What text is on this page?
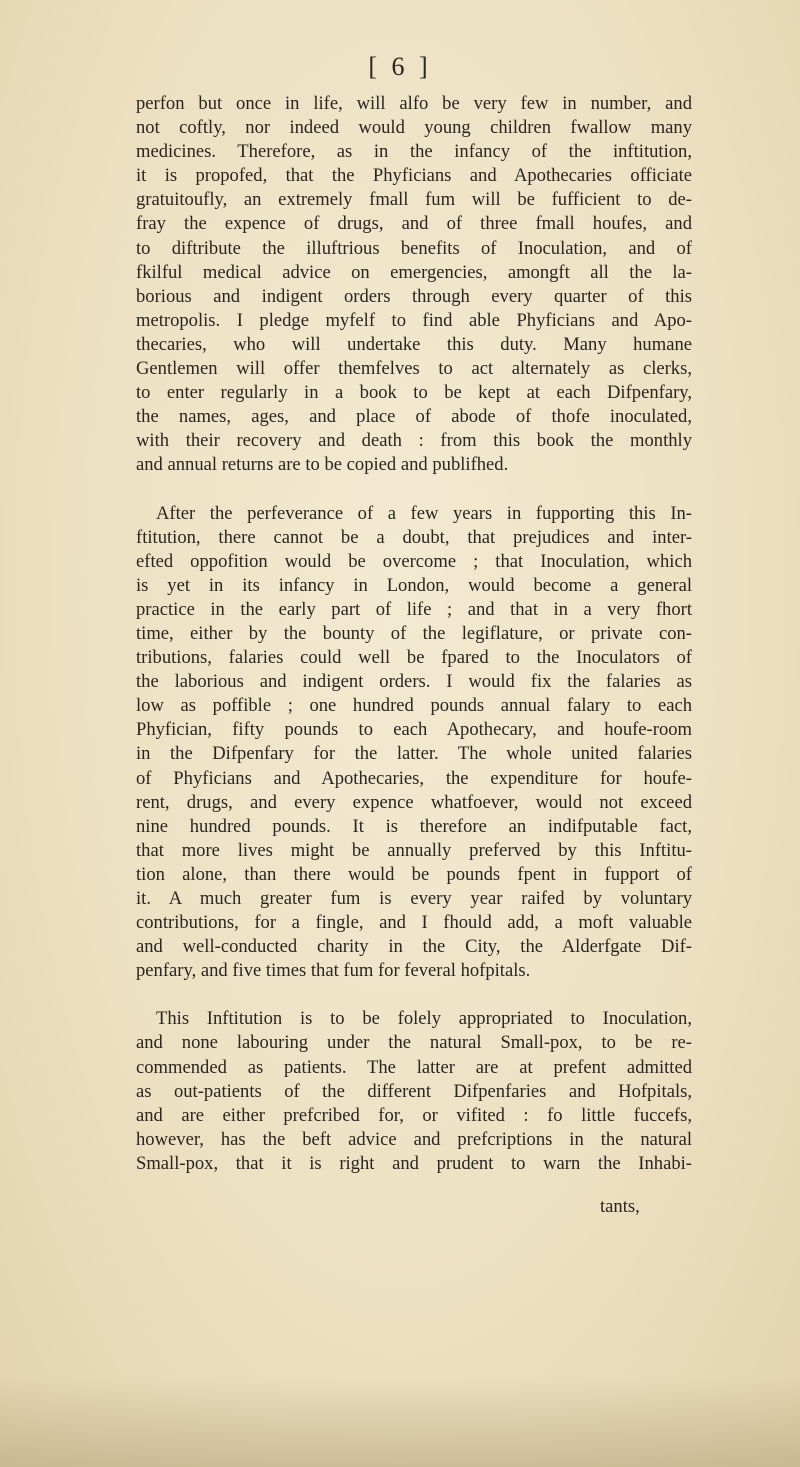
[ 6 ]

perfon but once in life, will alfo be very few in number, and
not coftly, nor indeed would young children fwallow many
medicines. Therefore, as in the infancy of the inftitution,
it is propofed, that the Phyficians and Apothecaries officiate
gratuitoufly, an extremely fmall fum will be fufficient to de-
fray the expence of drugs, and of three fmall houfes, and
to diftribute the illuftrious benefits of Inoculation, and of
fkilful medical advice on emergencies, amongft all the la-
borious and indigent orders through every quarter of this
metropolis. I pledge myfelf to find able Phyficians and Apo-
thecaries, who will undertake this duty. Many humane
Gentlemen will offer themfelves to act alternately as clerks,
to enter regularly in a book to be kept at each Difpenfary,
the names, ages, and place of abode of thofe inoculated,
with their recovery and death : from this book the monthly
and annual returns are to be copied and publifhed.

After the perfeverance of a few years in fupporting this In-
ftitution, there cannot be a doubt, that prejudices and inter-
efted oppofition would be overcome ; that Inoculation, which
is yet in its infancy in London, would become a general
practice in the early part of life ; and that in a very fhort
time, either by the bounty of the legiflature, or private con-
tributions, falaries could well be fpared to the Inoculators of
the laborious and indigent orders. I would fix the falaries as
low as poffible ; one hundred pounds annual falary to each
Phyfician, fifty pounds to each Apothecary, and houfe-room
in the Difpenfary for the latter. The whole united falaries
of Phyficians and Apothecaries, the expenditure for houfe-
rent, drugs, and every expence whatfoever, would not exceed
nine hundred pounds. It is therefore an indifputable fact,
that more lives might be annually preferved by this Inftitu-
tion alone, than there would be pounds fpent in fupport of
it. A much greater fum is every year raifed by voluntary
contributions, for a fingle, and I fhould add, a moft valuable
and well-conducted charity in the City, the Alderfgate Dif-
penfary, and five times that fum for feveral hofpitals.

This Inftitution is to be folely appropriated to Inoculation,
and none labouring under the natural Small-pox, to be re-
commended as patients. The latter are at prefent admitted
as out-patients of the different Difpenfaries and Hofpitals,
and are either prefcribed for, or vifited : fo little fuccefs,
however, has the beft advice and prefcriptions in the natural
Small-pox, that it is right and prudent to warn the Inhabi-

tants,
